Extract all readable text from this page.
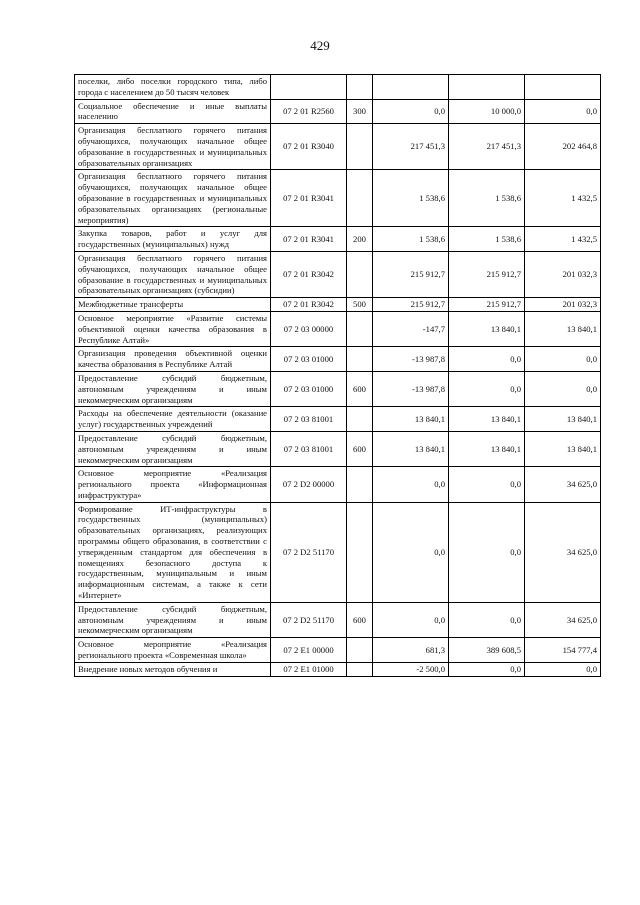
429
поселки, либо поселки городского типа, либо города с населением до 50 тысяч человек					
Социальное обеспечение и иные выплаты населению	07 2 01 R2560	300	0,0	10 000,0	0,0
Организация бесплатного горячего питания обучающихся, получающих начальное общее образование в государственных и муниципальных образовательных организациях	07 2 01 R3040		217 451,3	217 451,3	202 464,8
Организация бесплатного горячего питания обучающихся, получающих начальное общее образование в государственных и муниципальных образовательных организациях (региональные мероприятия)	07 2 01 R3041		1 538,6	1 538,6	1 432,5
Закупка товаров, работ и услуг для государственных (муниципальных) нужд	07 2 01 R3041	200	1 538,6	1 538,6	1 432,5
Организация бесплатного горячего питания обучающихся, получающих начальное общее образование в государственных и муниципальных образовательных организациях (субсидии)	07 2 01 R3042		215 912,7	215 912,7	201 032,3
Межбюджетные трансферты	07 2 01 R3042	500	215 912,7	215 912,7	201 032,3
Основное мероприятие «Развитие системы объективной оценки качества образования в Республике Алтай»	07 2 03 00000		-147,7	13 840,1	13 840,1
Организация проведения объективной оценки качества образования в Республике Алтай	07 2 03 01000		-13 987,8	0,0	0,0
Предоставление субсидий бюджетным, автономным учреждениям и иным некоммерческим организациям	07 2 03 01000	600	-13 987,8	0,0	0,0
Расходы на обеспечение деятельности (оказание услуг) государственных учреждений	07 2 03 81001		13 840,1	13 840,1	13 840,1
Предоставление субсидий бюджетным, автономным учреждениям и иным некоммерческим организациям	07 2 03 81001	600	13 840,1	13 840,1	13 840,1
Основное мероприятие «Реализация регионального проекта «Информационная инфраструктура»	07 2 D2 00000		0,0	0,0	34 625,0
Формирование ИТ-инфраструктуры в государственных (муниципальных) образовательных организациях, реализующих программы общего образования, в соответствии с утвержденным стандартом для обеспечения в помещениях безопасного доступа к государственным, муниципальным и иным информационным системам, а также к сети «Интернет»	07 2 D2 51170		0,0	0,0	34 625,0
Предоставление субсидий бюджетным, автономным учреждениям и иным некоммерческим организациям	07 2 D2 51170	600	0,0	0,0	34 625,0
Основное мероприятие «Реализация регионального проекта «Современная школа»	07 2 E1 00000		681,3	389 608,5	154 777,4
Внедрение новых методов обучения и	07 2 E1 01000		-2 500,0	0,0	0,0
